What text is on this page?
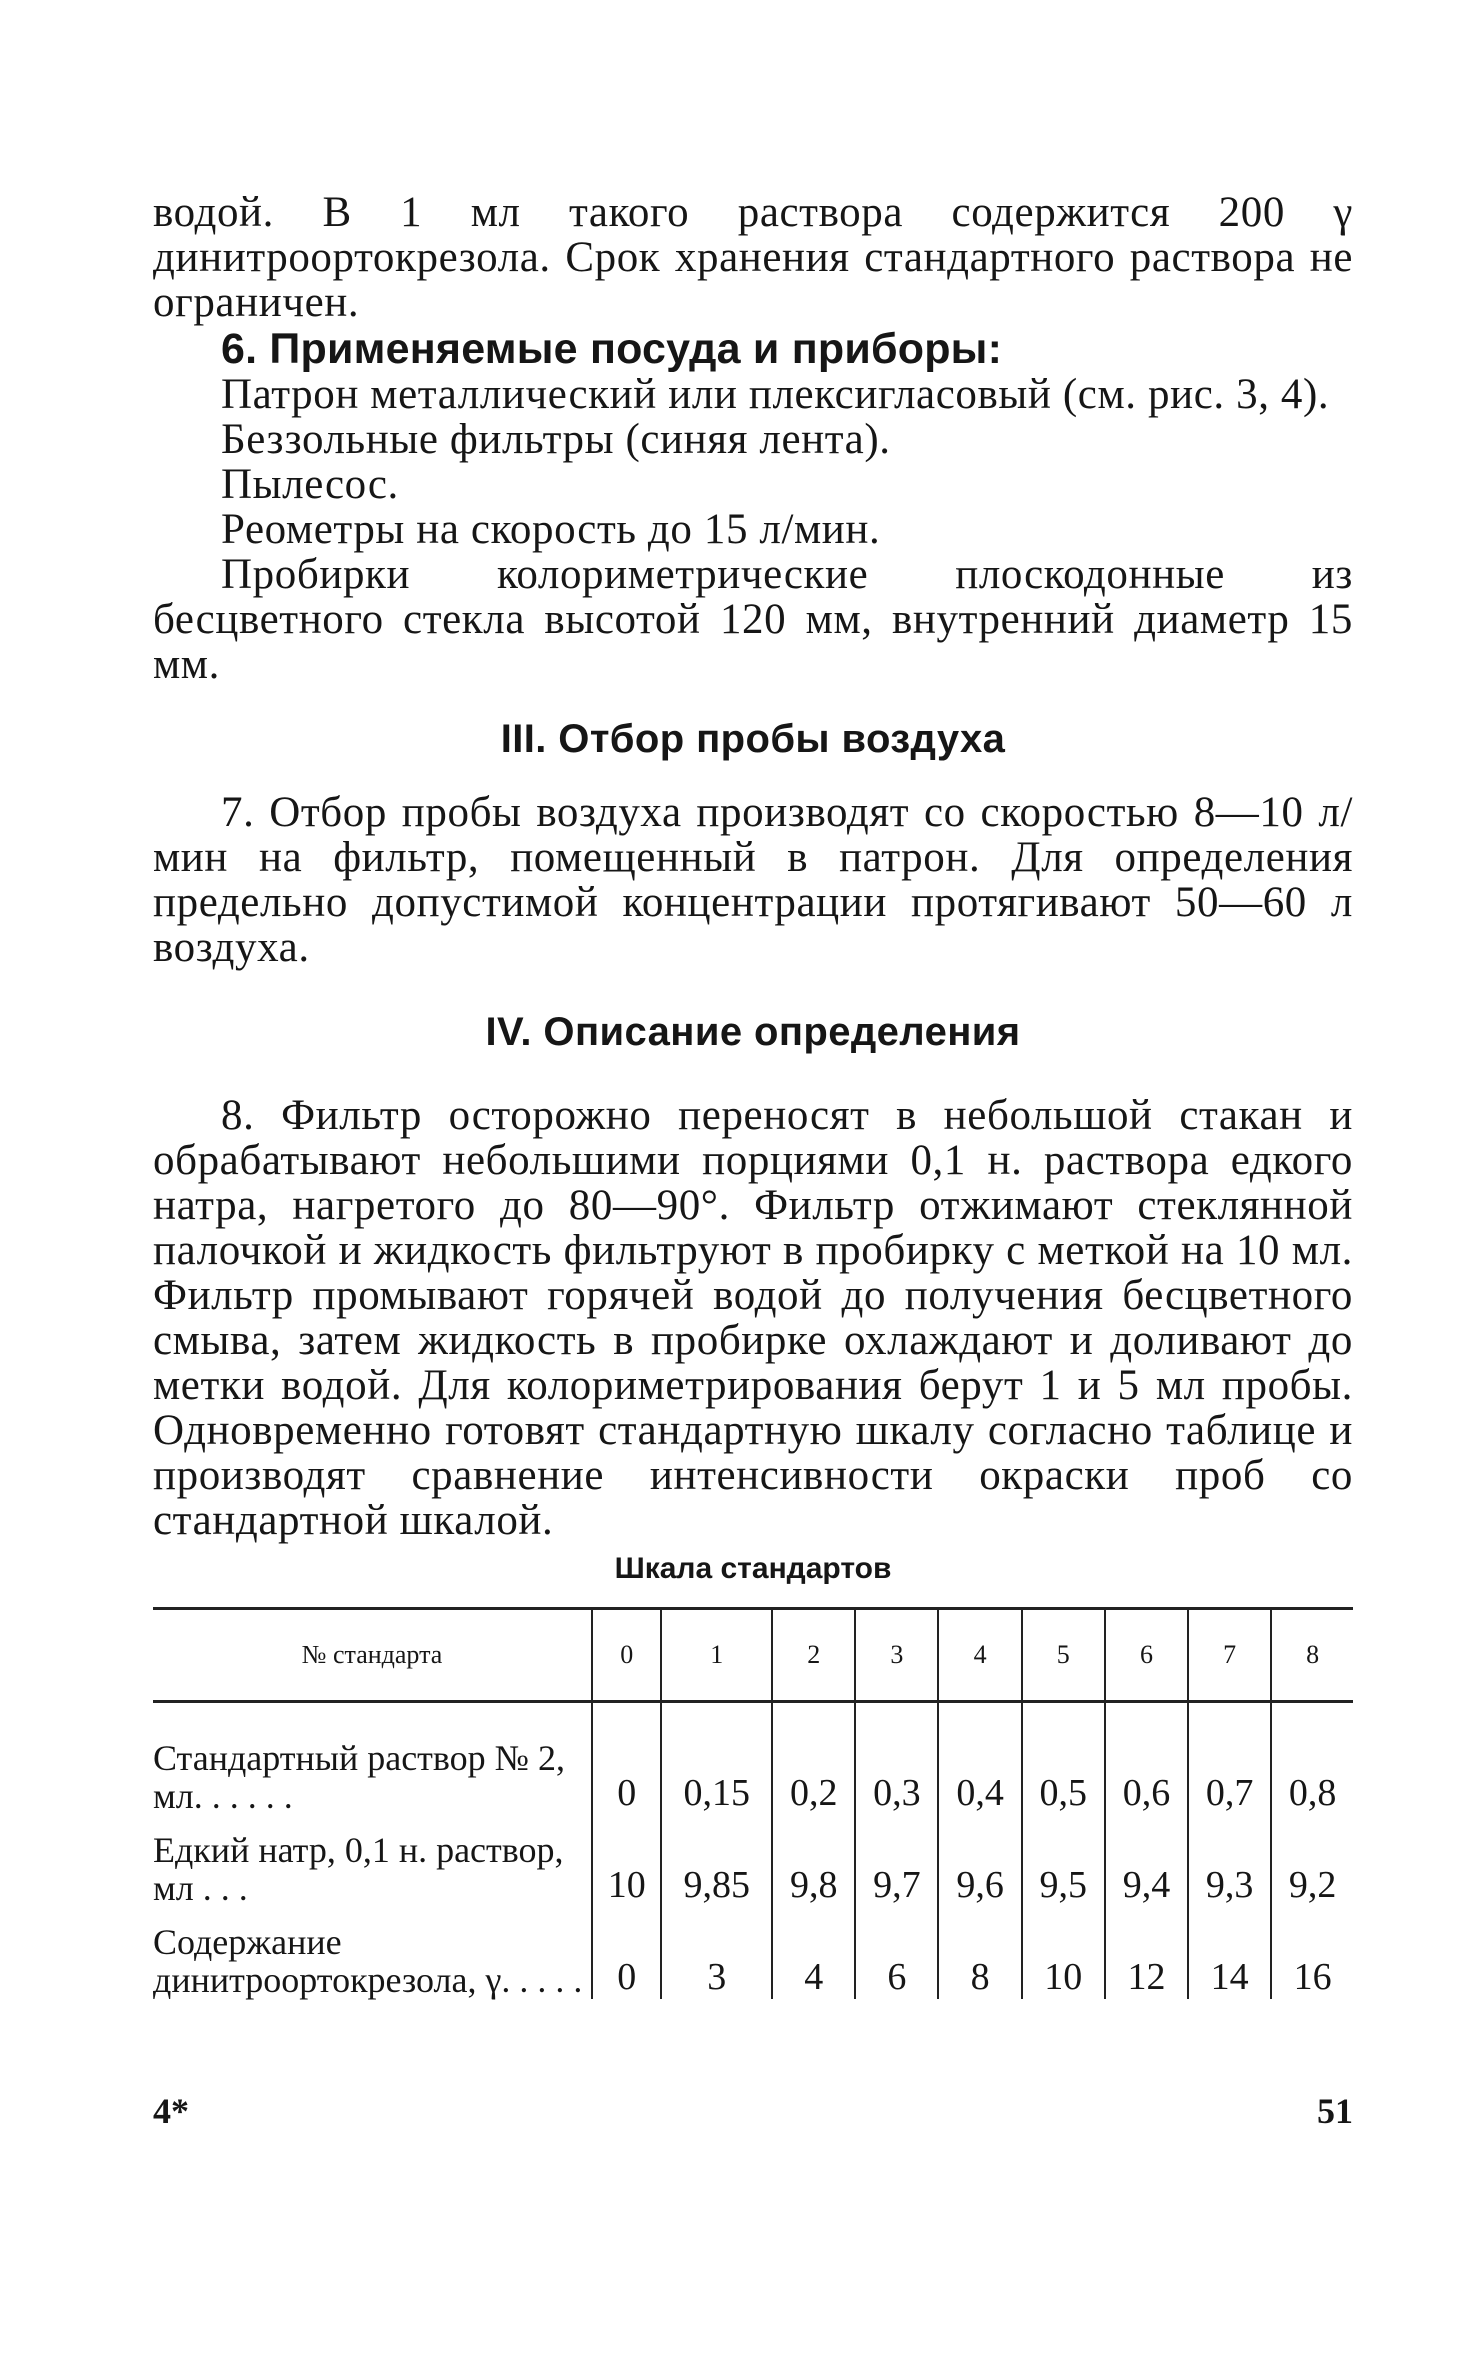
водой. В 1 мл такого раствора содержится 200 γ динитроортокрезола. Срок хранения стандартного раствора не ограничен.

6. Применяемые посуда и приборы:

Патрон металлический или плексигласовый (см. рис. 3, 4).

Беззольные фильтры (синяя лента).

Пылесос.

Реометры на скорость до 15 л/мин.

Пробирки колориметрические плоскодонные из бесцветного стекла высотой 120 мм, внутренний диаметр 15 мм.

III. Отбор пробы воздуха

7. Отбор пробы воздуха производят со скоростью 8—10 л/мин на фильтр, помещенный в патрон. Для определения предельно допустимой концентрации протягивают 50—60 л воздуха.

IV. Описание определения

8. Фильтр осторожно переносят в небольшой стакан и обрабатывают небольшими порциями 0,1 н. раствора едкого натра, нагретого до 80—90°. Фильтр отжимают стеклянной палочкой и жидкость фильтруют в пробирку с меткой на 10 мл. Фильтр промывают горячей водой до получения бесцветного смыва, затем жидкость в пробирке охлаждают и доливают до метки водой. Для колориметрирования берут 1 и 5 мл пробы. Одновременно готовят стандартную шкалу согласно таблице и производят сравнение интенсивности окраски проб со стандартной шкалой.

Шкала стандартов

№ стандарта	0	1	2	3	4	5	6	7	8
Стандартный раствор № 2, мл. . . . . .	0	0,15	0,2	0,3	0,4	0,5	0,6	0,7	0,8
Едкий натр, 0,1 н. раствор, мл . . .	10	9,85	9,8	9,7	9,6	9,5	9,4	9,3	9,2
Содержание динитроортокрезола, γ. . . . .	0	3	4	6	8	10	12	14	16
4*	51
